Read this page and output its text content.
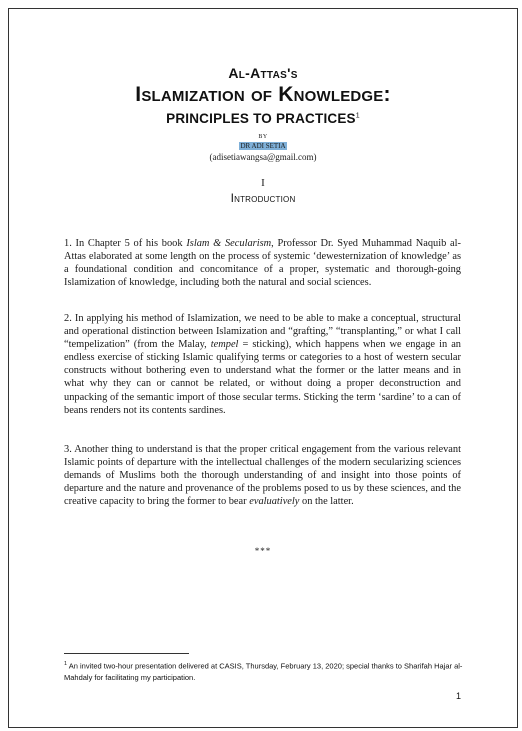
Al-Attas's
Islamization of Knowledge:
PRINCIPLES TO PRACTICES$^1$
BY
DR ADI SETIA
(adisetiawangsa@gmail.com)
I
Introduction
1. In Chapter 5 of his book Islam & Secularism, Professor Dr. Syed Muhammad Naquib al-Attas elaborated at some length on the process of systemic ‘dewesternization of knowledge’ as a foundational condition and concomitance of a proper, systematic and thorough-going Islamization of knowledge, including both the natural and social sciences.
2. In applying his method of Islamization, we need to be able to make a conceptual, structural and operational distinction between Islamization and “grafting,” “transplanting,” or what I call “tempelization” (from the Malay, tempel = sticking), which happens when we engage in an endless exercise of sticking Islamic qualifying terms or categories to a host of western secular constructs without bothering even to understand what the former or the latter means and in what why they can or cannot be related, or without doing a proper deconstruction and unpacking of the semantic import of those secular terms. Sticking the term ‘sardine’ to a can of beans renders not its contents sardines.
3. Another thing to understand is that the proper critical engagement from the various relevant Islamic points of departure with the intellectual challenges of the modern secularizing sciences demands of Muslims both the thorough understanding of and insight into those points of departure and the nature and provenance of the problems posed to us by these sciences, and the creative capacity to bring the former to bear evaluatively on the latter.
***
$^1$ An invited two-hour presentation delivered at CASIS, Thursday, February 13, 2020; special thanks to Sharifah Hajar al-Mahdaly for facilitating my participation.
1
